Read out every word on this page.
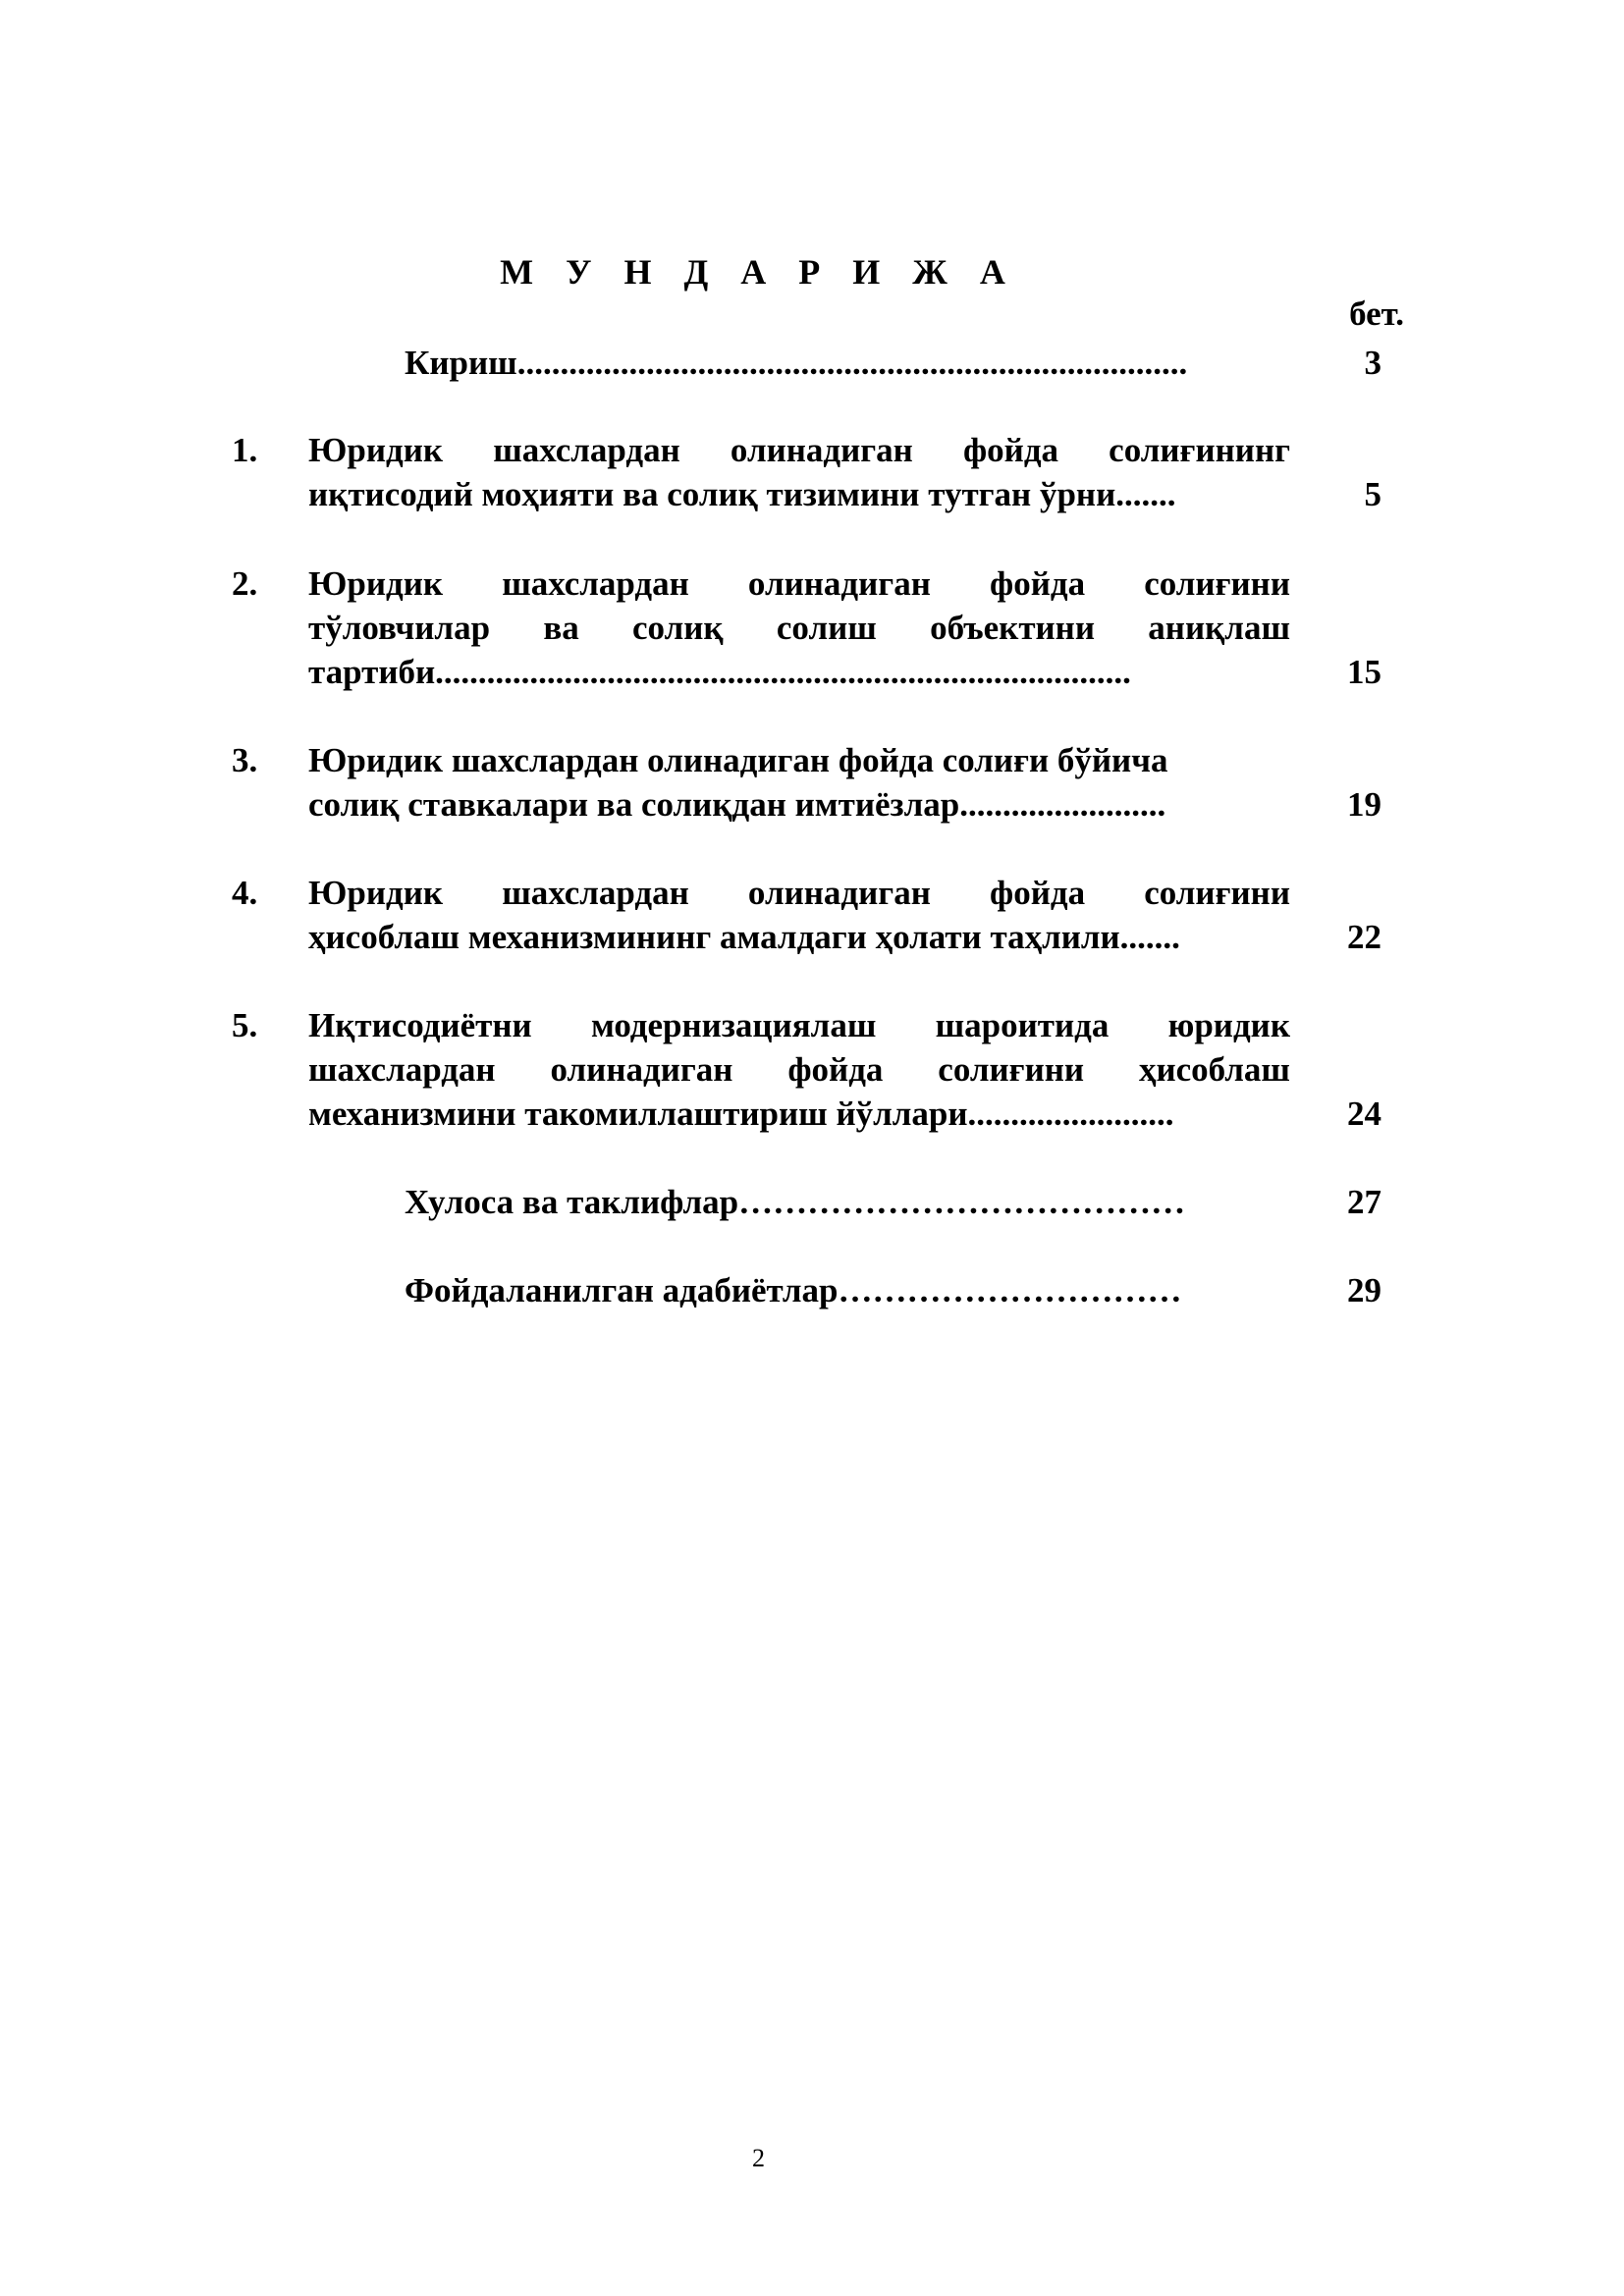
М У Н Д А Р И Ж А
бет.
Кириш..............................................................................	3
1. Юридик шахслардан олинадиган фойда солиғининг
иқтисодий моҳияти ва солиқ тизимини тутган ўрни.......	5
2. Юридик шахслардан олинадиган фойда солиғини
тўловчилар ва солиқ солиш объектини аниқлаш
тартиби.................................................................................	15
3. Юридик шахслардан олинадиган фойда солиғи бўйича
солиқ ставкалари ва солиқдан имтиёзлар........................	19
4. Юридик шахслардан олинадиган фойда солиғини
ҳисоблаш механизмининг амалдаги ҳолати таҳлили.......	22
5. Иқтисодиётни модернизациялаш шароитида юридик
шахслардан олинадиган фойда солиғини ҳисоблаш
механизмини такомиллаштириш йўллари........................	24
Хулоса ва таклифлар…………………………………	27
Фойдаланилган адабиётлар…………………………	29
2
